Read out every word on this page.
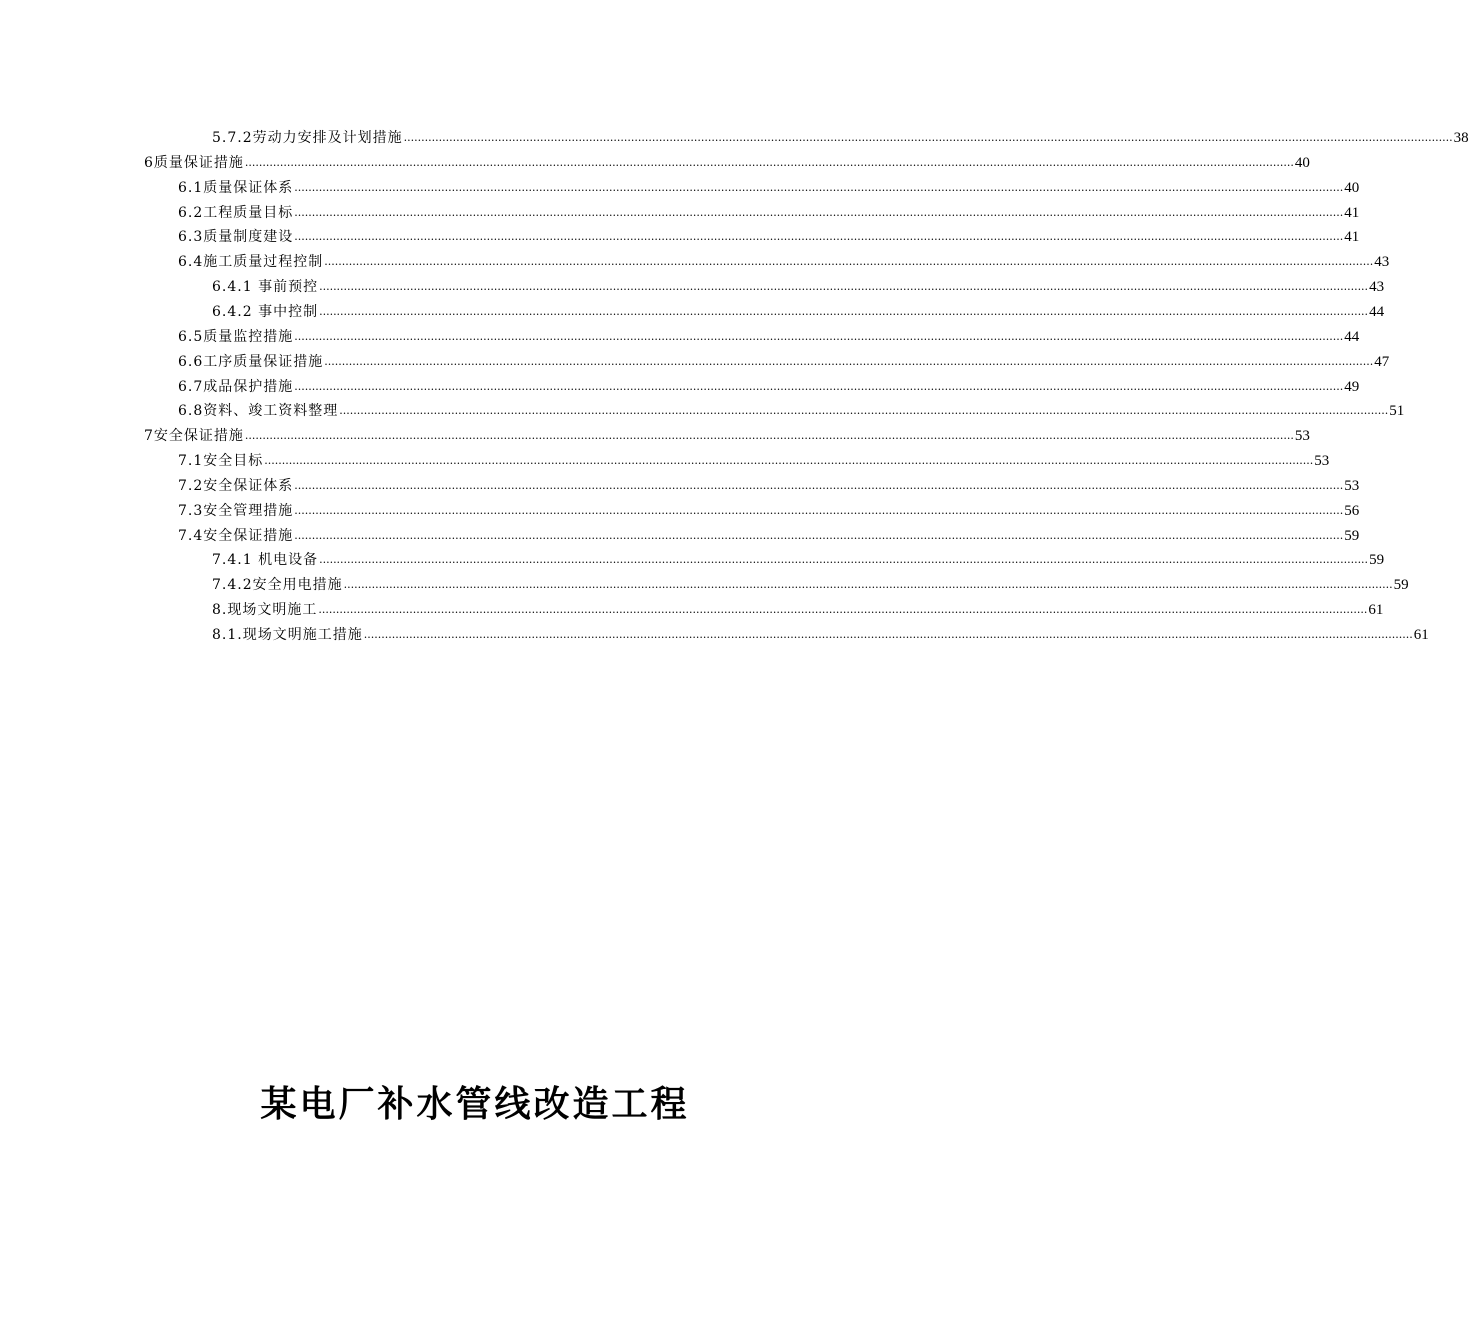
5.7.2劳动力安排及计划措施 ............................................................................................................................................................................................................................................................................................................ 38
6质量保证措施 ............................................................................................................................................................................................................................................................................................................ 40
6.1质量保证体系 ............................................................................................................................................................................................................................................................................................................ 40
6.2工程质量目标 ............................................................................................................................................................................................................................................................................................................ 41
6.3质量制度建设 ............................................................................................................................................................................................................................................................................................................ 41
6.4施工质量过程控制 ............................................................................................................................................................................................................................................................................................................ 43
6.4.1 事前预控 ............................................................................................................................................................................................................................................................................................................ 43
6.4.2 事中控制 ............................................................................................................................................................................................................................................................................................................ 44
6.5质量监控措施 ............................................................................................................................................................................................................................................................................................................ 44
6.6工序质量保证措施 ............................................................................................................................................................................................................................................................................................................ 47
6.7成品保护措施 ............................................................................................................................................................................................................................................................................................................ 49
6.8资料、竣工资料整理 ............................................................................................................................................................................................................................................................................................................ 51
7安全保证措施 ............................................................................................................................................................................................................................................................................................................ 53
7.1安全目标 ............................................................................................................................................................................................................................................................................................................ 53
7.2安全保证体系 ............................................................................................................................................................................................................................................................................................................ 53
7.3安全管理措施 ............................................................................................................................................................................................................................................................................................................ 56
7.4安全保证措施 ............................................................................................................................................................................................................................................................................................................ 59
7.4.1 机电设备 ............................................................................................................................................................................................................................................................................................................ 59
7.4.2安全用电措施 ............................................................................................................................................................................................................................................................................................................ 59
8.现场文明施工 ............................................................................................................................................................................................................................................................................................................ 61
8.1.现场文明施工措施 ............................................................................................................................................................................................................................................................................................................ 61
某电厂补水管线改造工程
